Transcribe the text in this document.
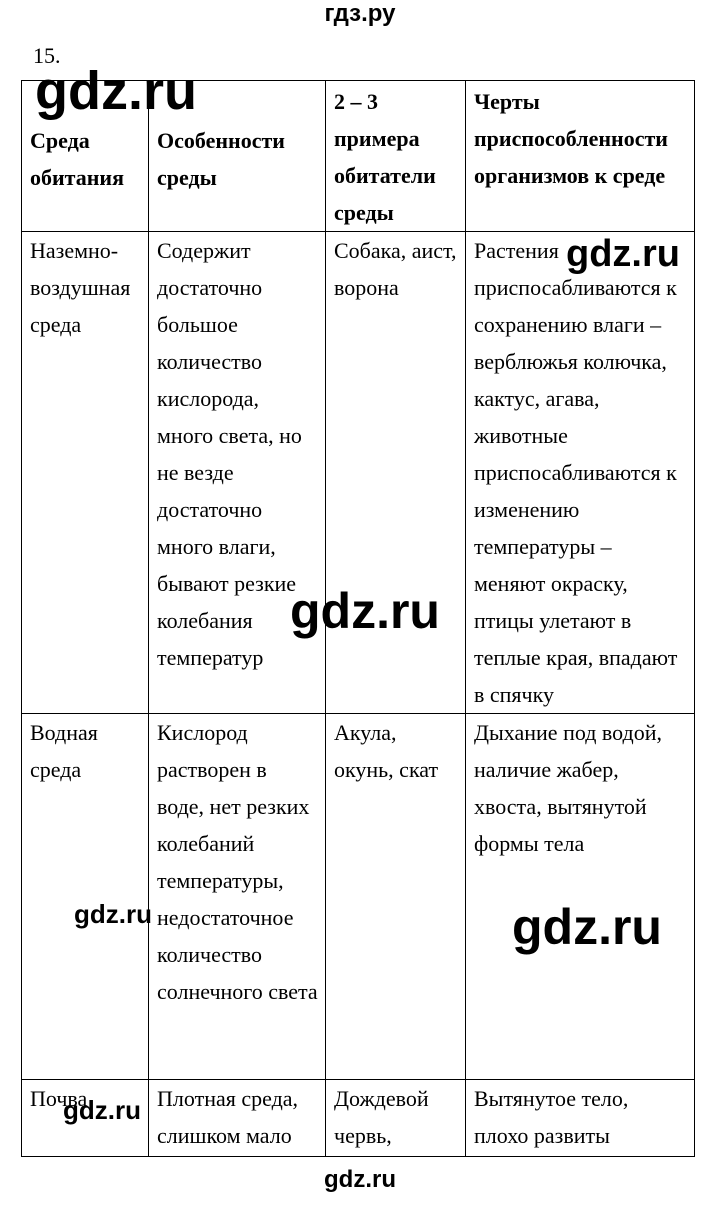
гдз.ру
15.
Среда обитания	Особенности среды	2 – 3 примера обитатели среды	Черты приспособленности организмов к среде
Наземно-воздушная среда	Содержит достаточно большое количество кислорода, много света, но не везде достаточно много влаги, бывают резкие колебания температур	Собака, аист, ворона	Растения приспосабливаются к сохранению влаги – верблюжья колючка, кактус, агава, животные приспосабливаются к изменению температуры – меняют окраску, птицы улетают в теплые края, впадают в спячку
Водная среда	Кислород растворен в воде, нет резких колебаний температуры, недостаточное количество солнечного света	Акула, окунь, скат	Дыхание под водой, наличие жабер, хвоста, вытянутой формы тела
Почва	Плотная среда, слишком мало	Дождевой червь,	Вытянутое тело, плохо развиты
gdz.ru
gdz.ru
gdz.ru
gdz.ru	gdz.ru
gdz.ru
gdz.ru
